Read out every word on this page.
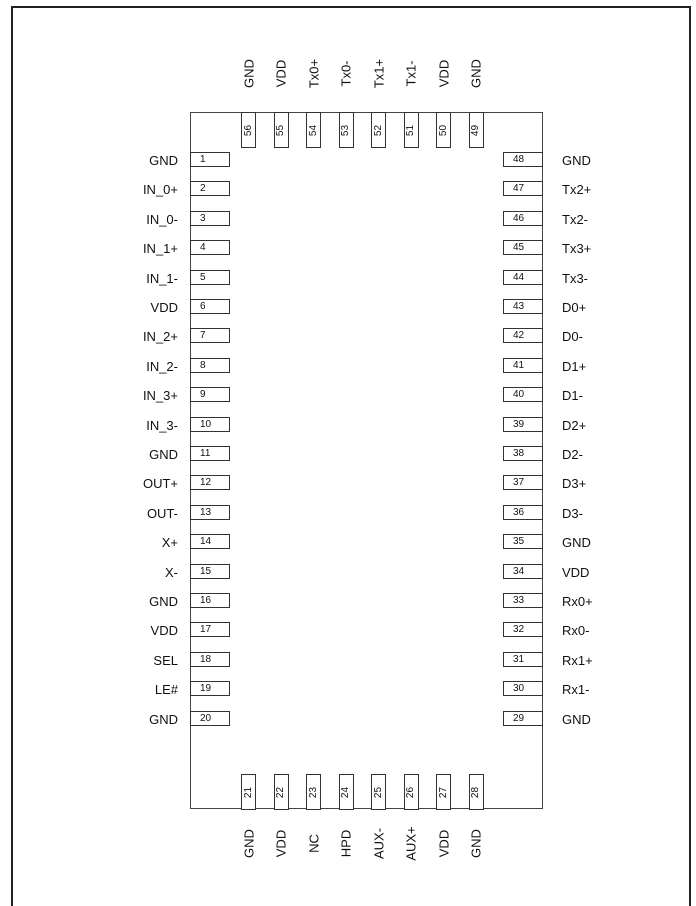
1
GND
2
IN_0+
3
IN_0-
4
IN_1+
5
IN_1-
6
VDD
7
IN_2+
8
IN_2-
9
IN_3+
10
IN_3-
11
GND
12
OUT+
13
OUT-
14
X+
15
X-
16
GND
17
VDD
18
SEL
19
LE#
20
GND
48	GND
47	Tx2+
46	Tx2-
45	Tx3+
44	Tx3-
43	D0+
42	D0-
41	D1+
40	D1-
39	D2+
38	D2-
37	D3+
36	D3-
35	GND
34	VDD
33	Rx0+
32	Rx0-
31	Rx1+
30	Rx1-
29	GND
56
GND
55
VDD
54
Tx0+
53
Tx0-
52
Tx1+
51
Tx1-
50
VDD
49
GND
21
GND
22
VDD
23
NC
24
HPD
25
AUX-
26
AUX+
27
VDD
28
GND
